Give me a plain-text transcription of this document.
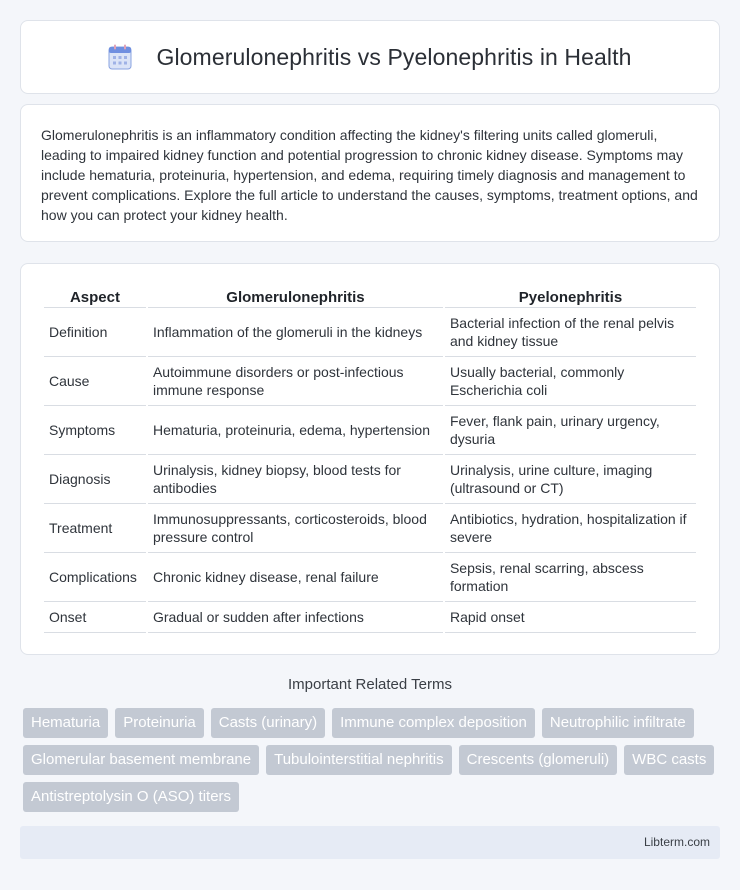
Glomerulonephritis vs Pyelonephritis in Health

Glomerulonephritis is an inflammatory condition affecting the kidney's filtering units called glomeruli, leading to impaired kidney function and potential progression to chronic kidney disease. Symptoms may include hematuria, proteinuria, hypertension, and edema, requiring timely diagnosis and management to prevent complications. Explore the full article to understand the causes, symptoms, treatment options, and how you can protect your kidney health.

Aspect	Glomerulonephritis	Pyelonephritis
Definition	Inflammation of the glomeruli in the kidneys	Bacterial infection of the renal pelvis and kidney tissue
Cause	Autoimmune disorders or post-infectious immune response	Usually bacterial, commonly Escherichia coli
Symptoms	Hematuria, proteinuria, edema, hypertension	Fever, flank pain, urinary urgency, dysuria
Diagnosis	Urinalysis, kidney biopsy, blood tests for antibodies	Urinalysis, urine culture, imaging (ultrasound or CT)
Treatment	Immunosuppressants, corticosteroids, blood pressure control	Antibiotics, hydration, hospitalization if severe
Complications	Chronic kidney disease, renal failure	Sepsis, renal scarring, abscess formation
Onset	Gradual or sudden after infections	Rapid onset
Important Related Terms
Hematuria	Proteinuria	Casts (urinary)	Immune complex deposition	Neutrophilic infiltrate
Glomerular basement membrane	Tubulointerstitial nephritis	Crescents (glomeruli)	WBC casts
Antistreptolysin O (ASO) titers
Libterm.com
